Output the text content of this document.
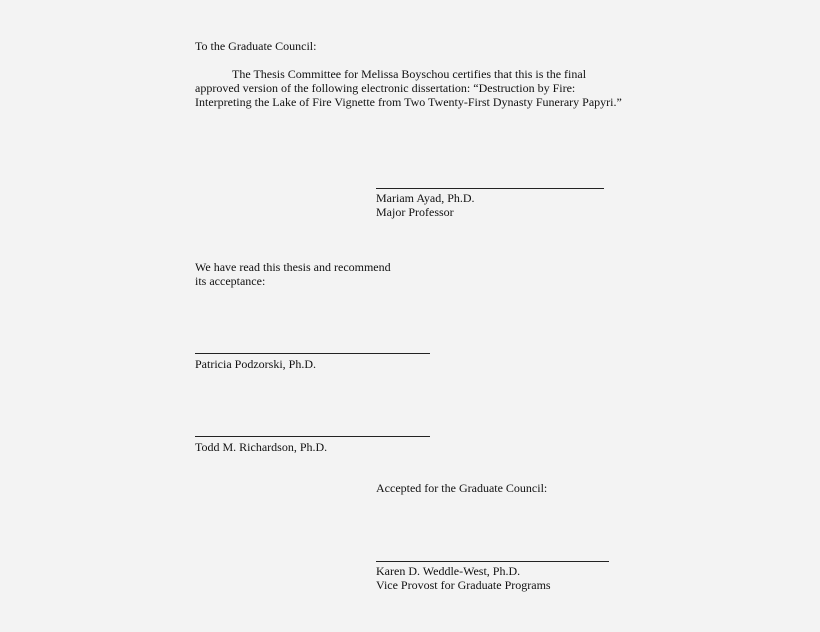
To the Graduate Council:
The Thesis Committee for Melissa Boyschou certifies that this is the final
approved version of the following electronic dissertation: “Destruction by Fire:
Interpreting the Lake of Fire Vignette from Two Twenty-First Dynasty Funerary Papyri.”
Mariam Ayad, Ph.D.
Major Professor
We have read this thesis and recommend
its acceptance:
Patricia Podzorski, Ph.D.
Todd M. Richardson, Ph.D.
Accepted for the Graduate Council:
Karen D. Weddle-West, Ph.D.
Vice Provost for Graduate Programs
